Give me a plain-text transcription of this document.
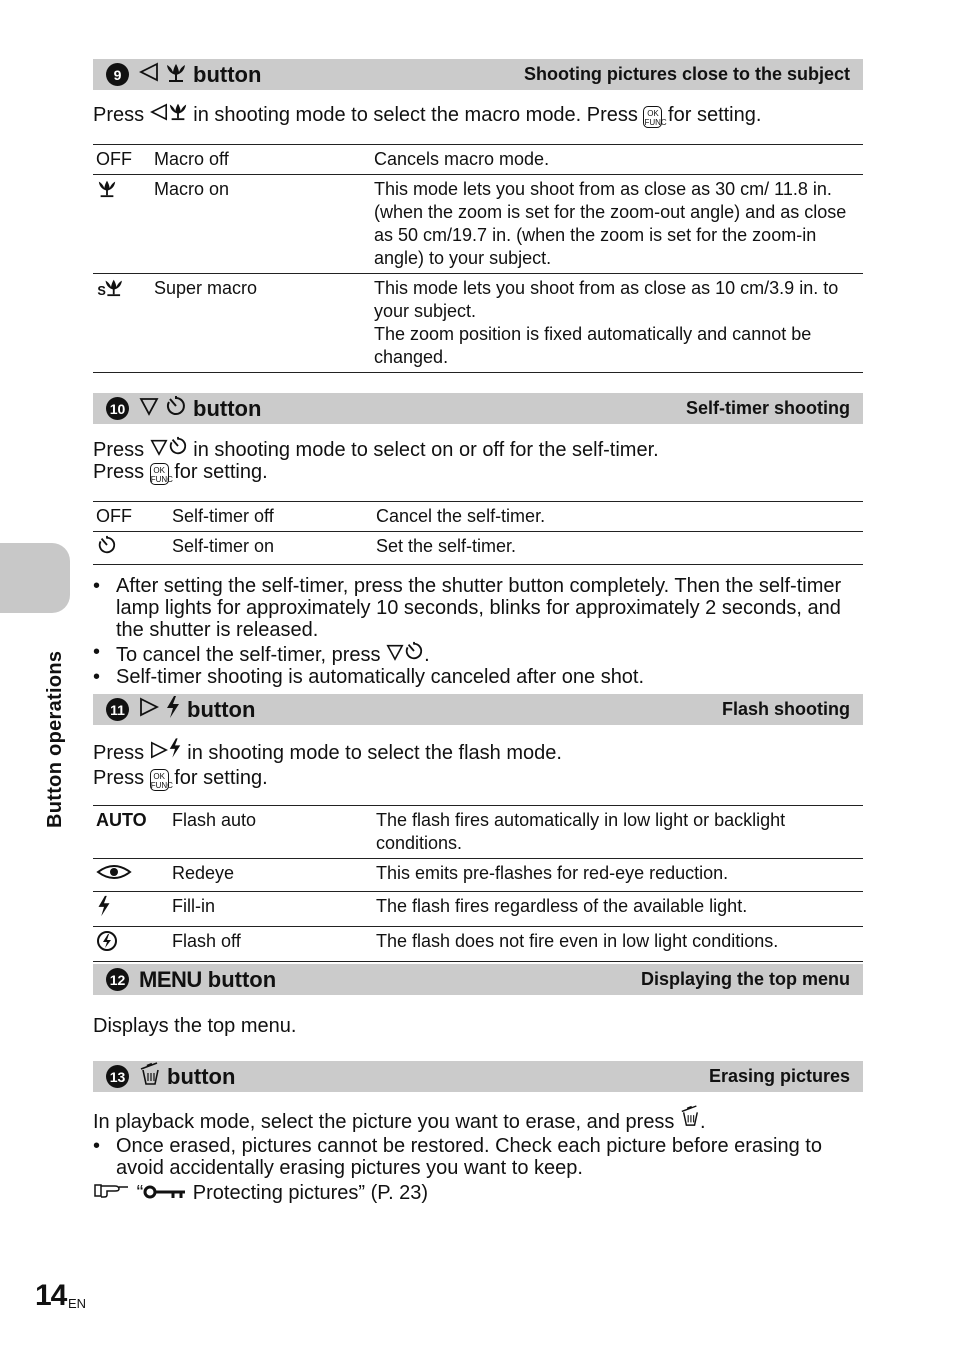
Button operations
9	button	Shooting pictures close to the subject

Press in shooting mode to select the macro mode. Press OK
FUNC for setting.

OFF	Macro off	Cancels macro mode.
	Macro on	This mode lets you shoot from as close as 30 cm/ 11.8 in. (when the zoom is set for the zoom-out angle) and as close as 50 cm/19.7 in. (when the zoom is set for the zoom-in angle) to your subject.

S	Super macro	This mode lets you shoot from as close as 10 cm/3.9 in. to your subject.
The zoom position is fixed automatically and cannot be changed.
10	button	Self-timer shooting

Press in shooting mode to select on or off for the self-timer.

Press OK
FUNC for setting.

OFF	Self-timer off	Cancel the self-timer.
	Self-timer on	Set the self-timer.
• After setting the self-timer, press the shutter button completely. Then the self-timer lamp lights for approximately 10 seconds, blinks for approximately 2 seconds, and the shutter is released.
• To cancel the self-timer, press .
• Self-timer shooting is automatically canceled after one shot.
11	button	Flash shooting

Press in shooting mode to select the flash mode.

Press OK
FUNC for setting.

AUTO	Flash auto	The flash fires automatically in low light or backlight conditions.
	Redeye	This emits pre-flashes for red-eye reduction.
	Fill-in	The flash fires regardless of the available light.
	Flash off	The flash does not fire even in low light conditions.
12 MENU button	Displaying the top menu
Displays the top menu.
13 button	Erasing pictures

In playback mode, select the picture you want to erase, and press .

• Once erased, pictures cannot be restored. Check each picture before erasing to avoid accidentally erasing pictures you want to keep.
“ Protecting pictures” (P. 23)
14 EN
